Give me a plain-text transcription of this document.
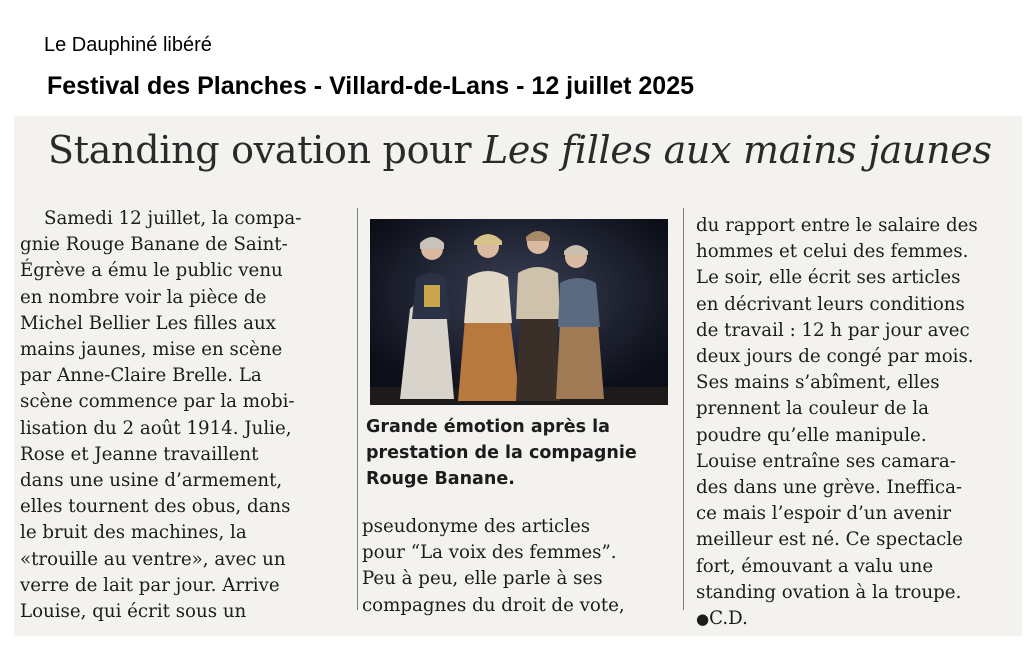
Le Dauphiné libéré
Festival des Planches - Villard-de-Lans - 12 juillet 2025
Standing ovation pour Les filles aux mains jaunes
Samedi 12 juillet, la compa-
gnie Rouge Banane de Saint-
Égrève a ému le public venu
en nombre voir la pièce de
Michel Bellier Les filles aux
mains jaunes, mise en scène
par Anne-Claire Brelle. La
scène commence par la mobi-
lisation du 2 août 1914. Julie,
Rose et Jeanne travaillent
dans une usine d’armement,
elles tournent des obus, dans
le bruit des machines, la
«trouille au ventre», avec un
verre de lait par jour. Arrive
Louise, qui écrit sous un
Grande émotion après la
prestation de la compagnie
Rouge Banane.
pseudonyme des articles
pour “La voix des femmes”.
Peu à peu, elle parle à ses
compagnes du droit de vote,
du rapport entre le salaire des
hommes et celui des femmes.
Le soir, elle écrit ses articles
en décrivant leurs conditions
de travail : 12 h par jour avec
deux jours de congé par mois.
Ses mains s’abîment, elles
prennent la couleur de la
poudre qu’elle manipule.
Louise entraîne ses camara-
des dans une grève. Ineffica-
ce mais l’espoir d’un avenir
meilleur est né. Ce spectacle
fort, émouvant a valu une
standing ovation à la troupe.
●C.D.
